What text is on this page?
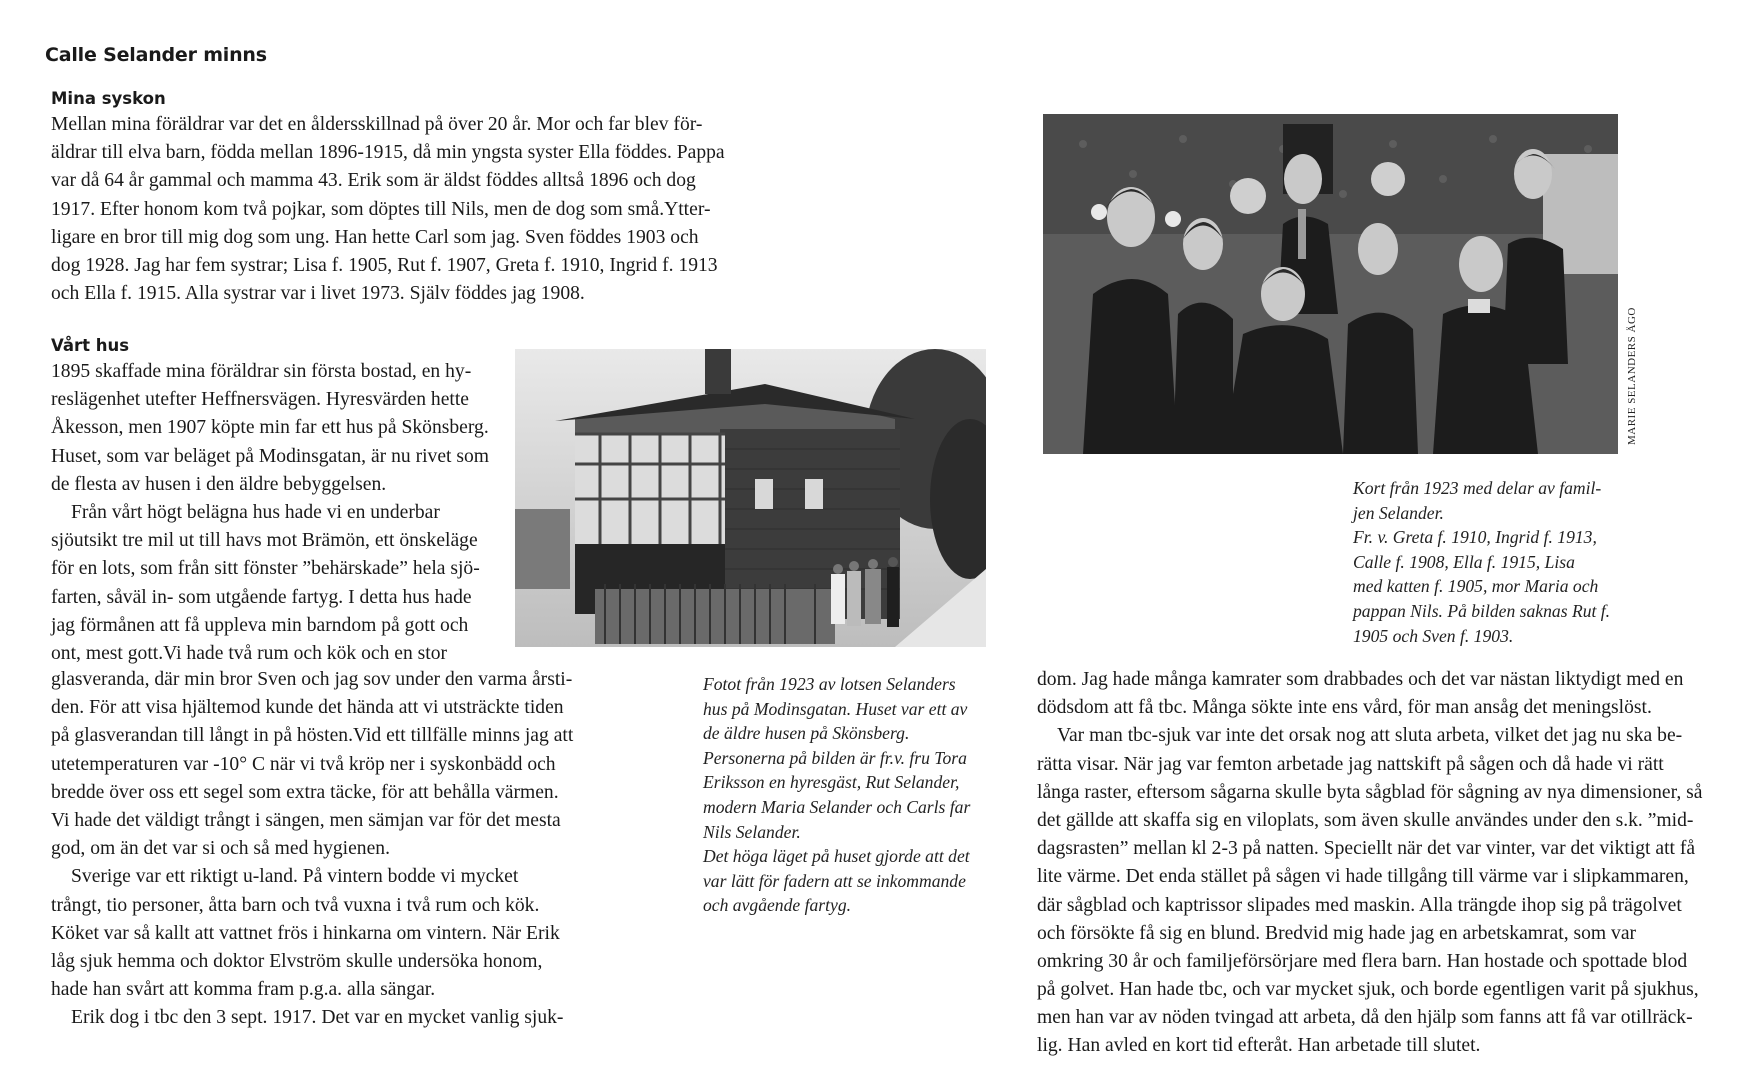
Calle Selander minns
Mina syskon
Mellan mina föräldrar var det en åldersskillnad på över 20 år. Mor och far blev för-
äldrar till elva barn, födda mellan 1896-1915, då min yngsta syster Ella föddes. Pappa
var då 64 år gammal och mamma 43. Erik som är äldst föddes alltså 1896 och dog
1917. Efter honom kom två pojkar, som döptes till Nils, men de dog som små.Ytter-
ligare en bror till mig dog som ung. Han hette Carl som jag. Sven föddes 1903 och
dog 1928. Jag har fem systrar; Lisa f. 1905, Rut f. 1907, Greta f. 1910, Ingrid f. 1913
och Ella f. 1915. Alla systrar var i livet 1973. Själv föddes jag 1908.
Vårt hus
1895 skaffade mina föräldrar sin första bostad, en hy-
reslägenhet utefter Heffnersvägen. Hyresvärden hette
Åkesson, men 1907 köpte min far ett hus på Skönsberg.
Huset, som var beläget på Modinsgatan, är nu rivet som
de flesta av husen i den äldre bebyggelsen.
Från vårt högt belägna hus hade vi en underbar
sjöutsikt tre mil ut till havs mot Brämön, ett önskeläge
för en lots, som från sitt fönster ”behärskade” hela sjö-
farten, såväl in- som utgående fartyg. I detta hus hade
jag förmånen att få uppleva min barndom på gott och
ont, mest gott.Vi hade två rum och kök och en stor
glasveranda, där min bror Sven och jag sov under den varma årsti-
den. För att visa hjältemod kunde det hända att vi utsträckte tiden
på glasverandan till långt in på hösten.Vid ett tillfälle minns jag att
utetemperaturen var -10° C när vi två kröp ner i syskonbädd och
bredde över oss ett segel som extra täcke, för att behålla värmen.
Vi hade det väldigt trångt i sängen, men sämjan var för det mesta
god, om än det var si och så med hygienen.
Sverige var ett riktigt u-land. På vintern bodde vi mycket
trångt, tio personer, åtta barn och två vuxna i två rum och kök.
Köket var så kallt att vattnet frös i hinkarna om vintern. När Erik
låg sjuk hemma och doktor Elvström skulle undersöka honom,
hade han svårt att komma fram p.g.a. alla sängar.
Erik dog i tbc den 3 sept. 1917. Det var en mycket vanlig sjuk-
dom. Jag hade många kamrater som drabbades och det var nästan liktydigt med en
dödsdom att få tbc. Många sökte inte ens vård, för man ansåg det meningslöst.
Var man tbc-sjuk var inte det orsak nog att sluta arbeta, vilket det jag nu ska be-
rätta visar. När jag var femton arbetade jag nattskift på sågen och då hade vi rätt
långa raster, eftersom sågarna skulle byta sågblad för sågning av nya dimensioner, så
det gällde att skaffa sig en viloplats, som även skulle användes under den s.k. ”mid-
dagsrasten” mellan kl 2-3 på natten. Speciellt när det var vinter, var det viktigt att få
lite värme. Det enda stället på sågen vi hade tillgång till värme var i slipkammaren,
där sågblad och kaptrissor slipades med maskin. Alla trängde ihop sig på trägolvet
och försökte få sig en blund. Bredvid mig hade jag en arbetskamrat, som var
omkring 30 år och familjeförsörjare med flera barn. Han hostade och spottade blod
på golvet. Han hade tbc, och var mycket sjuk, och borde egentligen varit på sjukhus,
men han var av nöden tvingad att arbeta, då den hjälp som fanns att få var otillräck-
lig. Han avled en kort tid efteråt. Han arbetade till slutet.
Fotot från 1923 av lotsen Selanders
hus på Modinsgatan. Huset var ett av
de äldre husen på Skönsberg.
Personerna på bilden är fr.v. fru Tora
Eriksson en hyresgäst, Rut Selander,
modern Maria Selander och Carls far
Nils Selander.
Det höga läget på huset gjorde att det
var lätt för fadern att se inkommande
och avgående fartyg.
MARIE SELANDERS ÄGO
Kort från 1923 med delar av famil-
jen Selander.
Fr. v. Greta f. 1910, Ingrid f. 1913,
Calle f. 1908, Ella f. 1915, Lisa
med katten f. 1905, mor Maria och
pappan Nils. På bilden saknas Rut f.
1905 och Sven f. 1903.
